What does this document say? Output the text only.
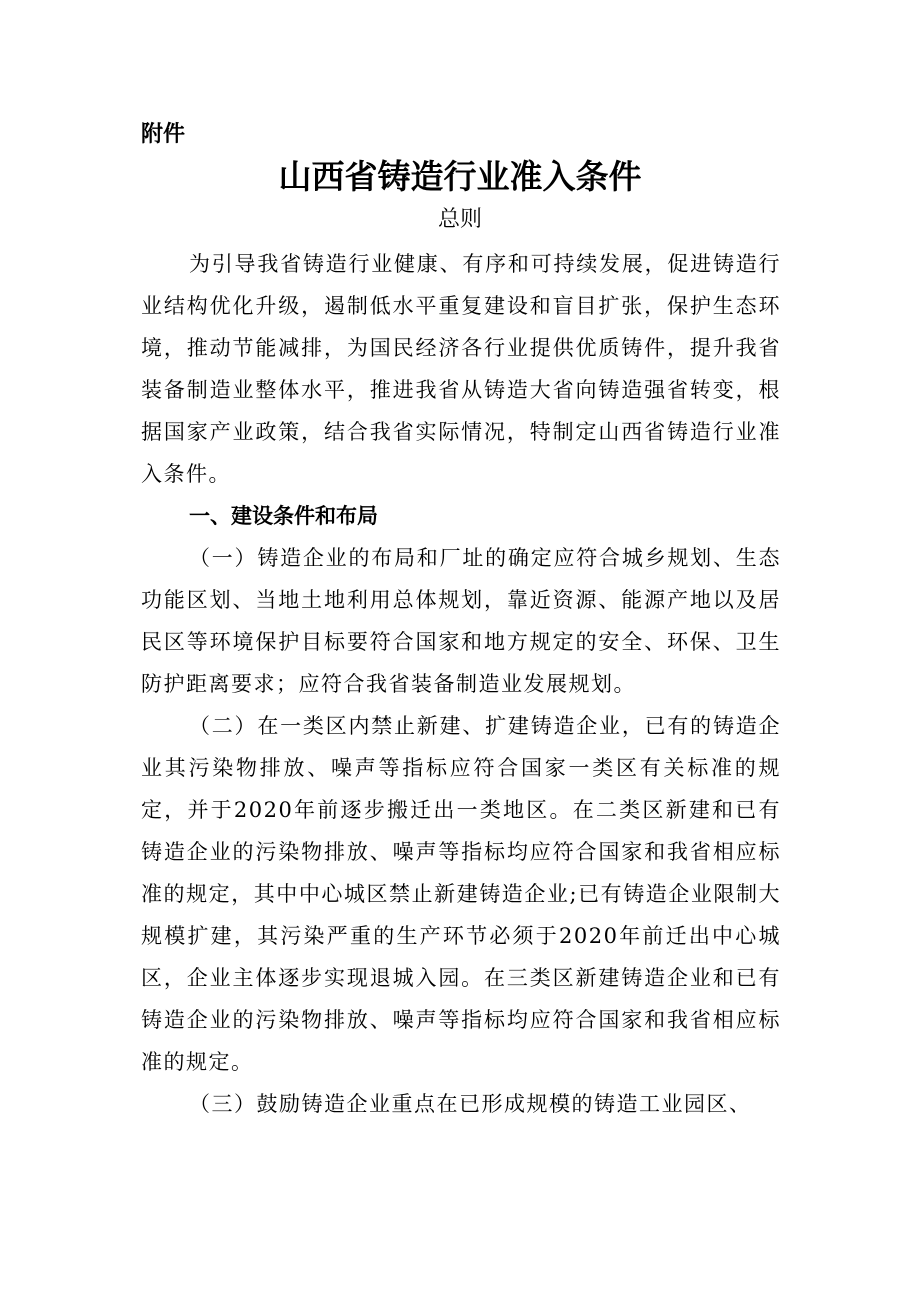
附件
山西省铸造行业准入条件
总则

为引导我省铸造行业健康、有序和可持续发展，促进铸造行业结构优化升级，遏制低水平重复建设和盲目扩张，保护生态环境，推动节能减排，为国民经济各行业提供优质铸件，提升我省装备制造业整体水平，推进我省从铸造大省向铸造强省转变，根据国家产业政策，结合我省实际情况，特制定山西省铸造行业准入条件。

一、建设条件和布局

（一）铸造企业的布局和厂址的确定应符合城乡规划、生态功能区划、当地土地利用总体规划，靠近资源、能源产地以及居民区等环境保护目标要符合国家和地方规定的安全、环保、卫生防护距离要求；应符合我省装备制造业发展规划。

（二）在一类区内禁止新建、扩建铸造企业，已有的铸造企业其污染物排放、噪声等指标应符合国家一类区有关标准的规定，并于2020年前逐步搬迁出一类地区。在二类区新建和已有铸造企业的污染物排放、噪声等指标均应符合国家和我省相应标准的规定，其中中心城区禁止新建铸造企业;已有铸造企业限制大规模扩建，其污染严重的生产环节必须于2020年前迁出中心城区，企业主体逐步实现退城入园。在三类区新建铸造企业和已有铸造企业的污染物排放、噪声等指标均应符合国家和我省相应标准的规定。

（三）鼓励铸造企业重点在已形成规模的铸造工业园区、
